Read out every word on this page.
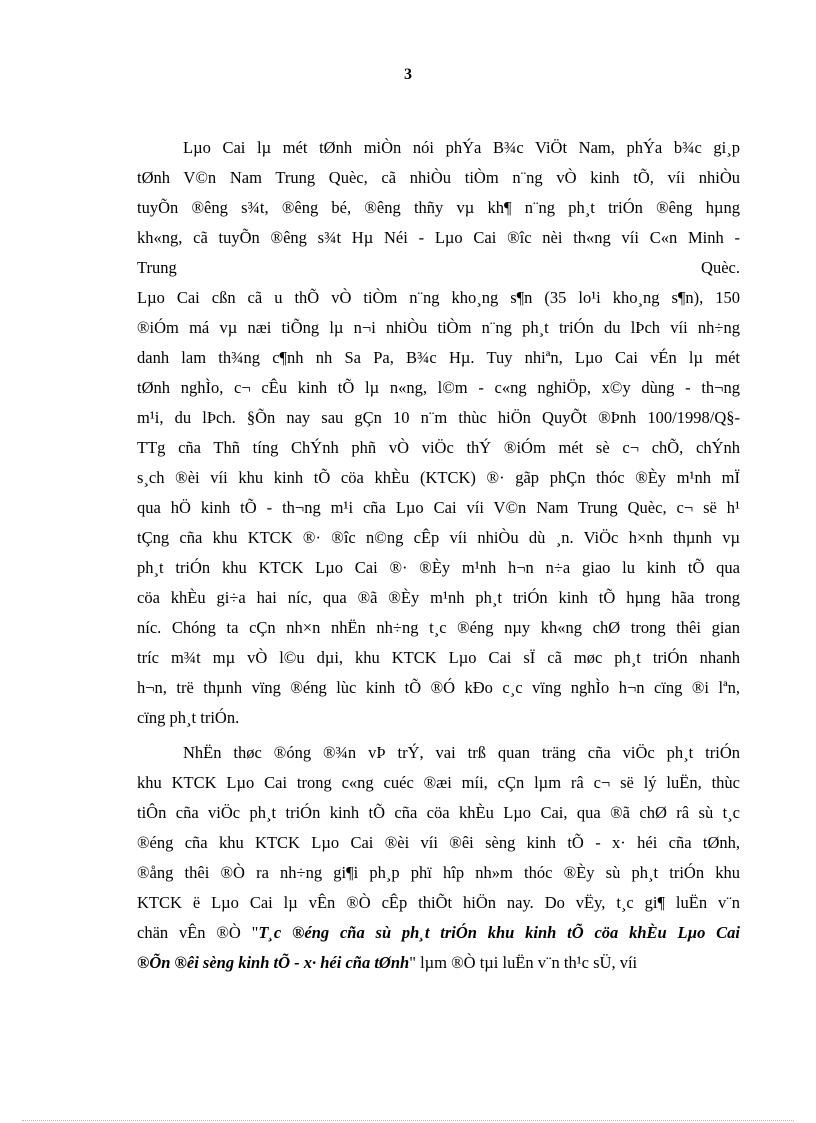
3
Lµo Cai lµ mét tØnh miÒn nói phÝa B¾c ViÖt Nam, phÝa b¾c gi¸p
tØnh V©n Nam Trung Quèc, cã nhiÒu tiÒm n¨ng vÒ kinh tÕ, víi nhiÒu
tuyÕn ®êng s¾t, ®êng bé, ®êng thñy vµ kh¶ n¨ng ph¸t triÓn ®êng hµng
kh«ng, cã tuyÕn ®êng s¾t Hµ Néi - Lµo Cai ®îc nèi th«ng víi C«n Minh -
Trung	Quèc.
Lµo Cai cßn cã u thÕ vÒ tiÒm n¨ng kho¸ng s¶n (35 lo¹i kho¸ng s¶n), 150
®iÓm má vµ næi tiÕng lµ n¬i nhiÒu tiÒm n¨ng ph¸t triÓn du lÞch víi nh÷ng
danh lam th¾ng c¶nh nh Sa Pa, B¾c Hµ. Tuy nhiªn, Lµo Cai vÉn lµ mét
tØnh nghÌo, c¬ cÊu kinh tÕ lµ n«ng, l©m - c«ng nghiÖp, x©y dùng - th¬ng
m¹i, du lÞch. §Õn nay sau gÇn 10 n¨m thùc hiÖn QuyÕt ®Þnh 100/1998/Q§-
TTg cña Thñ tíng ChÝnh phñ vÒ viÖc thÝ ®iÓm mét sè c¬ chÕ, chÝnh
s¸ch ®èi víi khu kinh tÕ cöa khÈu (KTCK) ®· gãp phÇn thóc ®Èy m¹nh mÏ
qua hÖ kinh tÕ - th¬ng m¹i cña Lµo Cai víi V©n Nam Trung Quèc, c¬ së h¹
tÇng cña khu KTCK ®· ®îc n©ng cÊp víi nhiÒu dù ¸n. ViÖc h×nh thµnh vµ
ph¸t triÓn khu KTCK Lµo Cai ®· ®Èy m¹nh h¬n n÷a giao lu kinh tÕ qua
cöa khÈu gi÷a hai níc, qua ®ã ®Èy m¹nh ph¸t triÓn kinh tÕ hµng hãa trong
níc. Chóng ta cÇn nh×n nhËn nh÷ng t¸c ®éng nµy kh«ng chØ trong thêi gian
tríc m¾t mµ vÒ l©u dµi, khu KTCK Lµo Cai sÏ cã møc ph¸t triÓn nhanh
h¬n, trë thµnh vïng ®éng lùc kinh tÕ ®Ó kÐo c¸c vïng nghÌo h¬n cïng ®i lªn,
cïng ph¸t triÓn.
NhËn thøc ®óng ®¾n vÞ trÝ, vai trß quan träng cña viÖc ph¸t triÓn
khu KTCK Lµo Cai trong c«ng cuéc ®æi míi, cÇn lµm râ c¬ së lý luËn, thùc
tiÔn cña viÖc ph¸t triÓn kinh tÕ cña cöa khÈu Lµo Cai, qua ®ã chØ râ sù t¸c
®éng cña khu KTCK Lµo Cai ®èi víi ®êi sèng kinh tÕ - x· héi cña tØnh,
®ång thêi ®Ò ra nh÷ng gi¶i ph¸p phï hîp nh»m thóc ®Èy sù ph¸t triÓn khu
KTCK ë Lµo Cai lµ vÊn ®Ò cÊp thiÕt hiÖn nay. Do vËy, t¸c gi¶ luËn v¨n
chän vÊn ®Ò "T¸c ®éng cña sù ph¸t triÓn khu kinh tÕ cöa khÈu Lµo Cai
®Õn ®êi sèng kinh tÕ - x· héi cña tØnh" lµm ®Ò tµi luËn v¨n th¹c sÜ, víi
